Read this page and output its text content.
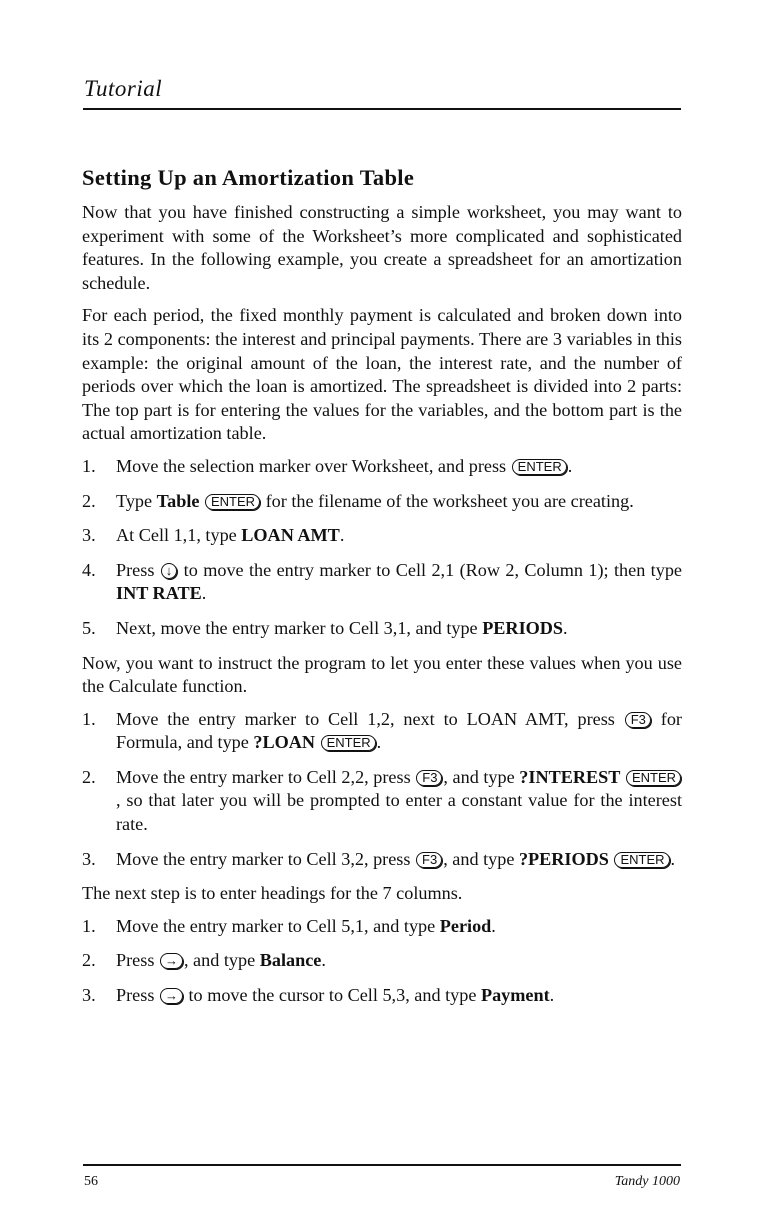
Tutorial
Setting Up an Amortization Table

Now that you have finished constructing a simple worksheet, you may want to experiment with some of the Worksheet’s more complicated and sophisticated features. In the following example, you create a spreadsheet for an amortization schedule.

For each period, the fixed monthly payment is calculated and broken down into its 2 components: the interest and principal payments. There are 3 variables in this example: the original amount of the loan, the interest rate, and the number of periods over which the loan is amortized. The spreadsheet is divided into 2 parts: The top part is for entering the values for the variables, and the bottom part is the actual amortization table.

1. Move the selection marker over Worksheet, and press ENTER .
2. Type Table ENTER for the filename of the worksheet you are creating.
3. At Cell 1,1, type LOAN AMT.
4. Press ↓ to move the entry marker to Cell 2,1 (Row 2, Column 1); then type INT RATE.
5. Next, move the entry marker to Cell 3,1, and type PERIODS.

Now, you want to instruct the program to let you enter these values when you use the Calculate function.

1. Move the entry marker to Cell 1,2, next to LOAN AMT, press F3 for Formula, and type ?LOAN ENTER .
2. Move the entry marker to Cell 2,2, press F3 , and type ?INTEREST ENTER, so that later you will be prompted to enter a constant value for the interest rate.
3. Move the entry marker to Cell 3,2, press F3 , and type ?PERIODS ENTER .

The next step is to enter headings for the 7 columns.

1. Move the entry marker to Cell 5,1, and type Period.
2. Press → , and type Balance.
3. Press → to move the cursor to Cell 5,3, and type Payment.
56	Tandy 1000
